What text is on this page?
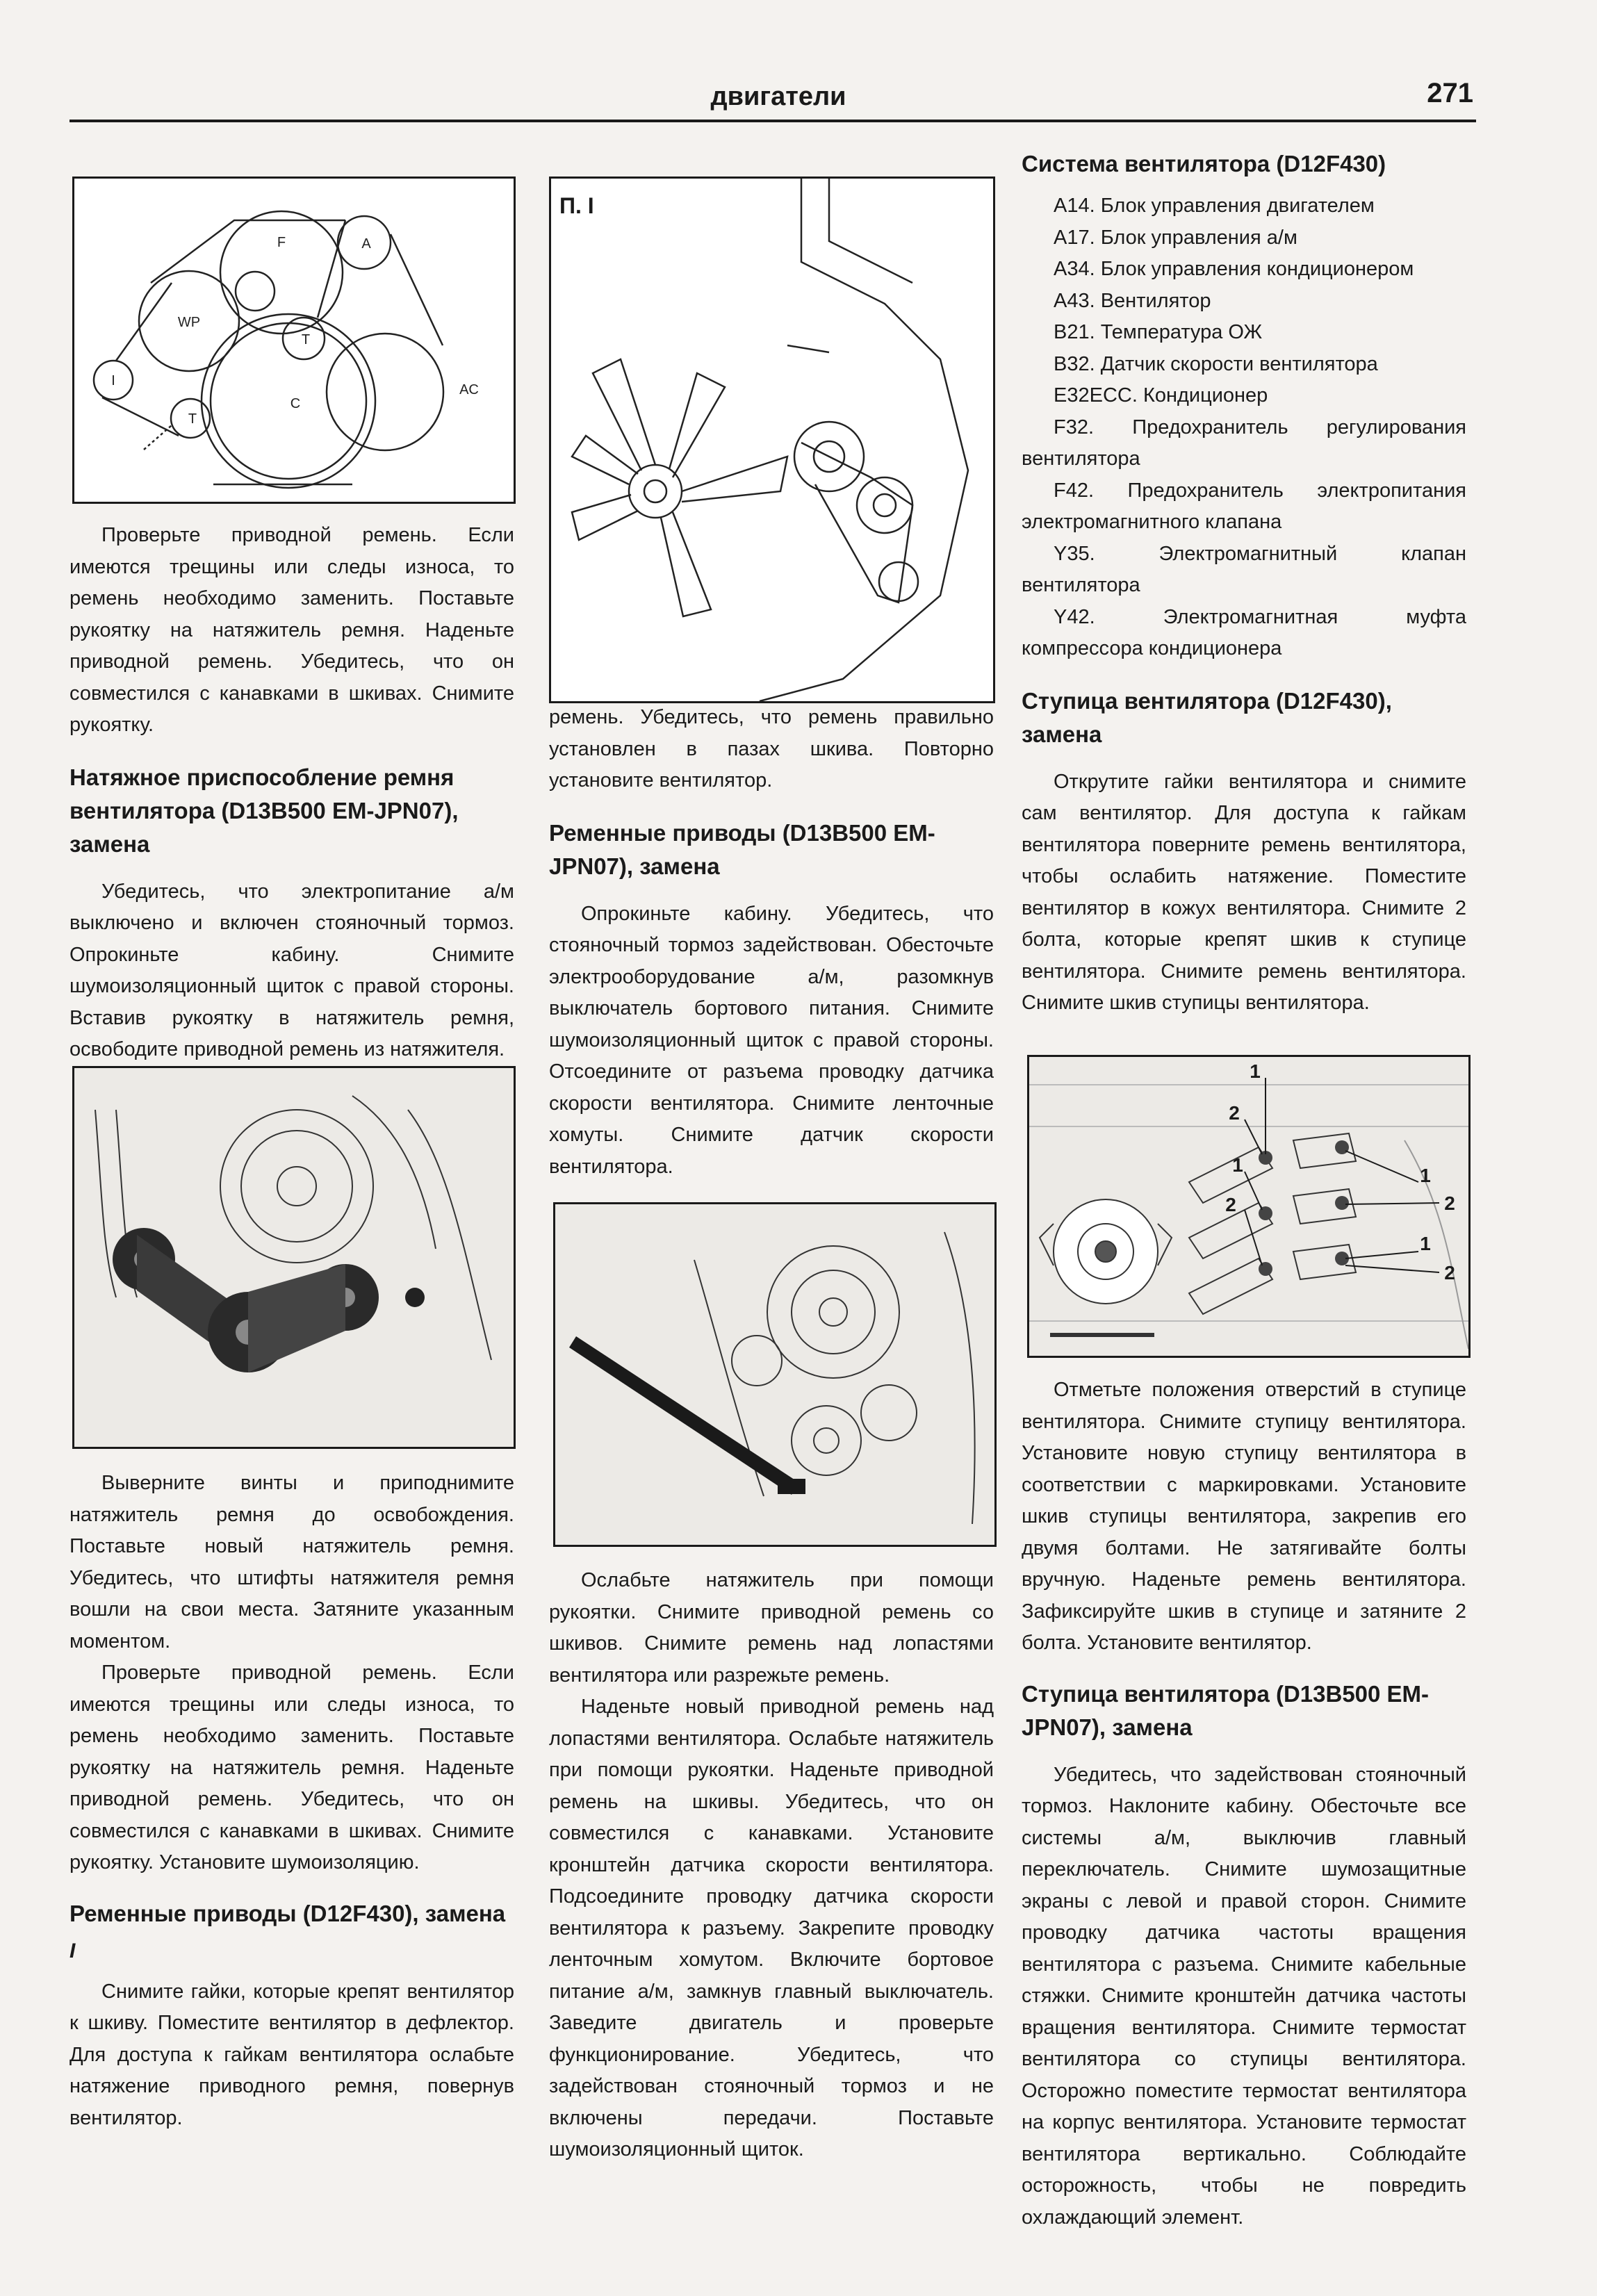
двигатели	271
F	A
T
WP
I
C
AC
T

Проверьте приводной ремень. Если имеются трещины или следы износа, то ремень необходимо заменить. Поставьте рукоятку на натяжитель ремня. Наденьте приводной ремень. Убедитесь, что он совместился с канавками в шкивах. Снимите рукоятку.

Натяжное приспособление ремня вентилятора (D13B500 EM-JPN07), замена

Убедитесь, что электропитание а/м выключено и включен стояночный тормоз. Опрокиньте кабину. Снимите шумоизоляционный щиток с правой стороны. Вставив рукоятку в натяжитель ремня, освободите приводной ремень из натяжителя.

Выверните винты и приподнимите натяжитель ремня до освобождения. Поставьте новый натяжитель ремня. Убедитесь, что штифты натяжителя ремня вошли на свои места. Затяните указанным моментом.

Проверьте приводной ремень. Если имеются трещины или следы износа, то ремень необходимо заменить. Поставьте рукоятку на натяжитель ремня. Наденьте приводной ремень. Убедитесь, что он совместился с канавками в шкивах. Снимите рукоятку. Установите шумоизоляцию.

Ременные приводы (D12F430), замена
I

Снимите гайки, которые крепят вентилятор к шкиву. Поместите вентилятор в дефлектор. Для доступа к гайкам вентилятора ослабьте натяжение приводного ремня, повернув вентилятор.

П. I

ремень. Убедитесь, что ремень правильно установлен в пазах шкива. Повторно установите вентилятор.

Ременные приводы (D13B500 EM-JPN07), замена

Опрокиньте кабину. Убедитесь, что стояночный тормоз задействован. Обесточьте электрооборудование а/м, разомкнув выключатель бортового питания. Снимите шумоизоляционный щиток с правой стороны. Отсоедините от разъема проводку датчика скорости вентилятора. Снимите ленточные хомуты. Снимите датчик скорости вентилятора.

Ослабьте натяжитель при помощи рукоятки. Снимите приводной ремень со шкивов. Снимите ремень над лопастями вентилятора или разрежьте ремень.

Наденьте новый приводной ремень над лопастями вентилятора. Ослабьте натяжитель при помощи рукоятки. Наденьте приводной ремень на шкивы. Убедитесь, что он совместился с канавками. Установите кронштейн датчика скорости вентилятора. Подсоедините проводку датчика скорости вентилятора к разъему. Закрепите проводку ленточным хомутом. Включите бортовое питание а/м, замкнув главный выключатель. Заведите двигатель и проверьте функционирование. Убедитесь, что задействован стояночный тормоз и не включены передачи. Поставьте шумоизоляционный щиток.

Система вентилятора (D12F430)
A14. Блок управления двигателем
A17. Блок управления а/м
A34. Блок управления кондиционером
A43. Вентилятор
B21. Температура ОЖ
B32. Датчик скорости вентилятора
E32ECC. Кондиционер
F32. Предохранитель регулирования вентилятора
F42. Предохранитель электропитания электромагнитного клапана
Y35. Электромагнитный клапан вентилятора
Y42. Электромагнитная муфта компрессора кондиционера
Ступица вентилятора (D12F430), замена

Открутите гайки вентилятора и снимите сам вентилятор. Для доступа к гайкам вентилятора поверните ремень вентилятора, чтобы ослабить натяжение. Поместите вентилятор в кожух вентилятора. Снимите 2 болта, которые крепят шкив к ступице вентилятора. Снимите ремень вентилятора. Снимите шкив ступицы вентилятора.

1
2
1
2
1
2
1
2

Отметьте положения отверстий в ступице вентилятора. Снимите ступицу вентилятора. Установите новую ступицу вентилятора в соответствии с маркировками. Установите шкив ступицы вентилятора, закрепив его двумя болтами. Не затягивайте болты вручную. Наденьте ремень вентилятора. Зафиксируйте шкив в ступице и затяните 2 болта. Установите вентилятор.

Ступица вентилятора (D13B500 EM-JPN07), замена

Убедитесь, что задействован стояночный тормоз. Наклоните кабину. Обесточьте все системы а/м, выключив главный переключатель. Снимите шумозащитные экраны с левой и правой сторон. Снимите проводку датчика частоты вращения вентилятора с разъема. Снимите кабельные стяжки. Снимите кронштейн датчика частоты вращения вентилятора. Снимите термостат вентилятора со ступицы вентилятора. Осторожно поместите термостат вентилятора на корпус вентилятора. Установите термостат вентилятора вертикально. Соблюдайте осторожность, чтобы не повредить охлаждающий элемент.
